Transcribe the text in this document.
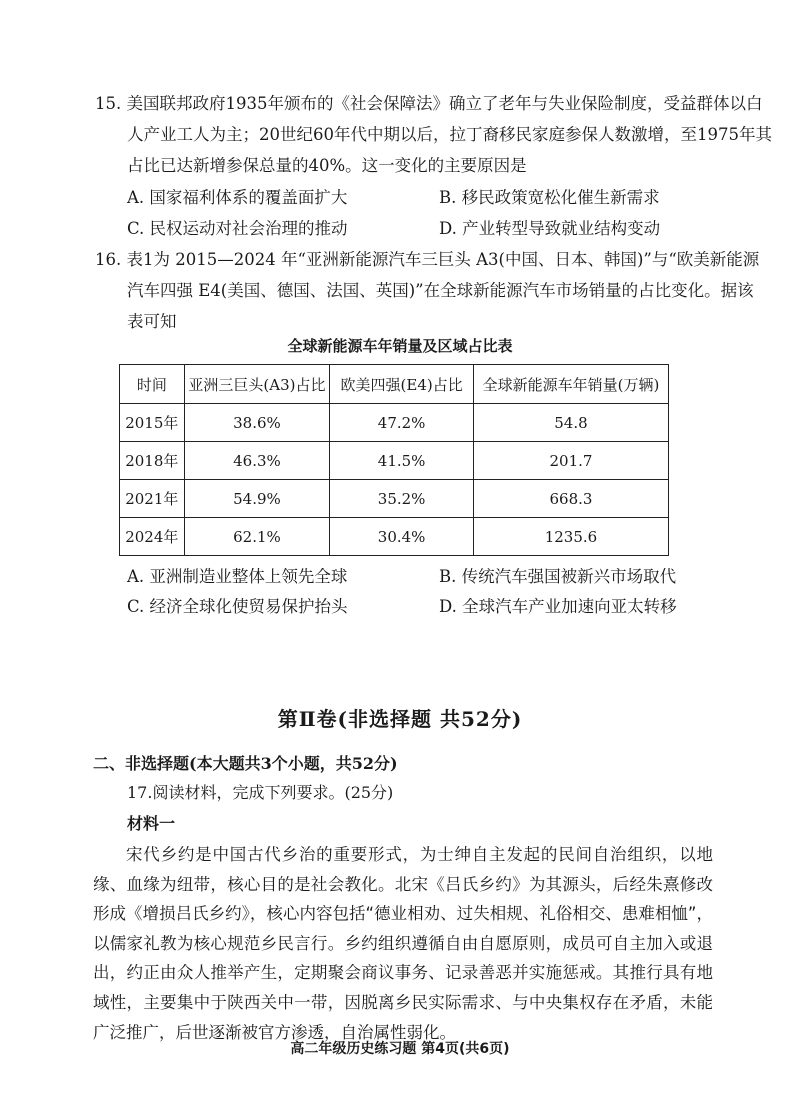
15. 美国联邦政府1935年颁布的《社会保障法》确立了老年与失业保险制度，受益群体以白
人产业工人为主；20世纪60年代中期以后，拉丁裔移民家庭参保人数激增，至1975年其
占比已达新增参保总量的40%。这一变化的主要原因是
A. 国家福利体系的覆盖面扩大	B. 移民政策宽松化催生新需求
C. 民权运动对社会治理的推动	D. 产业转型导致就业结构变动
16. 表1为 2015—2024 年“亚洲新能源汽车三巨头 A3(中国、日本、韩国)”与“欧美新能源
汽车四强 E4(美国、德国、法国、英国)”在全球新能源汽车市场销量的占比变化。据该
表可知
全球新能源车年销量及区域占比表
时间	亚洲三巨头(A3)占比	欧美四强(E4)占比	全球新能源车年销量(万辆)
2015年	38.6%	47.2%	54.8
2018年	46.3%	41.5%	201.7
2021年	54.9%	35.2%	668.3
2024年	62.1%	30.4%	1235.6
A. 亚洲制造业整体上领先全球	B. 传统汽车强国被新兴市场取代
C. 经济全球化使贸易保护抬头	D. 全球汽车产业加速向亚太转移
第Ⅱ卷(非选择题 共52分)
二、非选择题(本大题共3个小题，共52分)
17.阅读材料，完成下列要求。(25分)
材料一
宋代乡约是中国古代乡治的重要形式，为士绅自主发起的民间自治组织，以地缘、血缘为纽带，核心目的是社会教化。北宋《吕氏乡约》为其源头，后经朱熹修改形成《增损吕氏乡约》，核心内容包括“德业相劝、过失相规、礼俗相交、患难相恤”，以儒家礼教为核心规范乡民言行。乡约组织遵循自由自愿原则，成员可自主加入或退出，约正由众人推举产生，定期聚会商议事务、记录善恶并实施惩戒。其推行具有地域性，主要集中于陕西关中一带，因脱离乡民实际需求、与中央集权存在矛盾，未能广泛推广，后世逐渐被官方渗透，自治属性弱化。
高二年级历史练习题 第4页(共6页)
